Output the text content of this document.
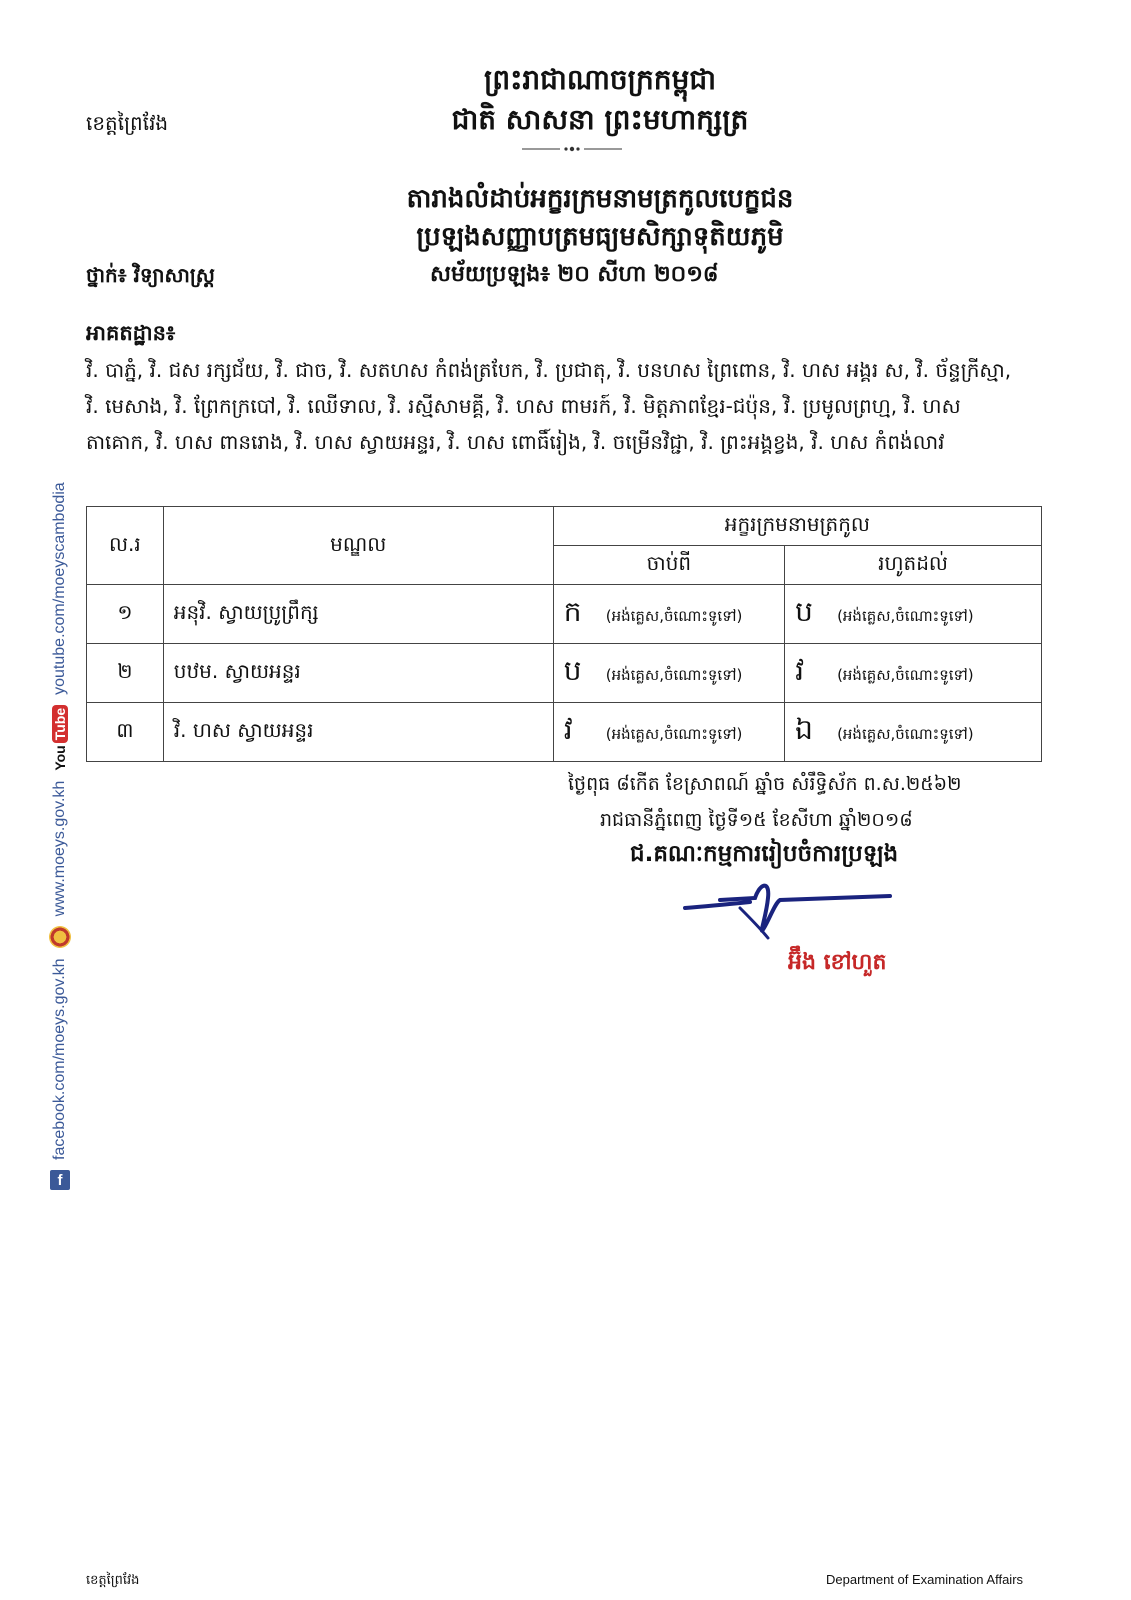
ព្រះរាជាណាចក្រកម្ពុជា
ជាតិ សាសនា ព្រះមហាក្សត្រ
ខេត្តព្រៃវែង
តារាងលំដាប់អក្ខរក្រមនាមត្រកូលបេក្ខជន
ប្រឡងសញ្ញាបត្រមធ្យមសិក្សាទុតិយភូមិ
ថ្នាក់៖ វិទ្យាសាស្ត្រ	សម័យប្រឡង៖ ២០ សីហា ២០១៨
អាគតដ្ឋាន៖
វិ. បាភ្នំ, វិ. ជស រក្សជ័យ, វិ. ជាច, វិ. សតហស កំពង់ត្របែក, វិ. ប្រជាតុ, វិ. បនហស ព្រៃពោន, វិ. ហស អង្គរ ស, វិ. ច័ន្ទក្រីស្មា, វិ. មេសាង, វិ. ព្រែកក្របៅ, វិ. ឈើទាល, វិ. រស្មីសាមគ្គី, វិ. ហស ពាមរក៍, វិ. មិត្តភាពខ្មែរ-ជប៉ុន, វិ. ប្រមូលព្រហ្ម, វិ. ហស តាគោក, វិ. ហស ពានរោង, វិ. ហស ស្វាយអន្ទរ, វិ. ហស ពោធិ៍រៀង, វិ. ចម្រើនវិជ្ជា, វិ. ព្រះអង្គខ្វង, វិ. ហស កំពង់លាវ
ល.រ	មណ្ឌល	អក្ខរក្រមនាមត្រកូល	
		ចាប់ពី	រហូតដល់
១	អនុវិ. ស្វាយប្រូព្រឹក្ស	ក (អង់គ្លេស,ចំណោះទូទៅ)	ប (អង់គ្លេស,ចំណោះទូទៅ)
២	បឋម. ស្វាយអន្ទរ	ប (អង់គ្លេស,ចំណោះទូទៅ)	វ (អង់គ្លេស,ចំណោះទូទៅ)
៣	វិ. ហស ស្វាយអន្ទរ	វ (អង់គ្លេស,ចំណោះទូទៅ)	ឯ (អង់គ្លេស,ចំណោះទូទៅ)
ថ្ងៃពុធ ៨កើត ខែស្រាពណ៍ ឆ្នាំច សំរឹទ្ធិស័ក ព.ស.២៥៦២
រាជធានីភ្នំពេញ ថ្ងៃទី១៥ ខែសីហា ឆ្នាំ២០១៨
ជ.គណៈកម្មការរៀបចំការប្រឡង
អ៊ឹង ខៅហួត
f
facebook.com/moeys.gov.kh
www.moeys.gov.kh
You
Tube
youtube.com/moeyscambodia
ខេត្តព្រៃវែង	Department of Examination Affairs
